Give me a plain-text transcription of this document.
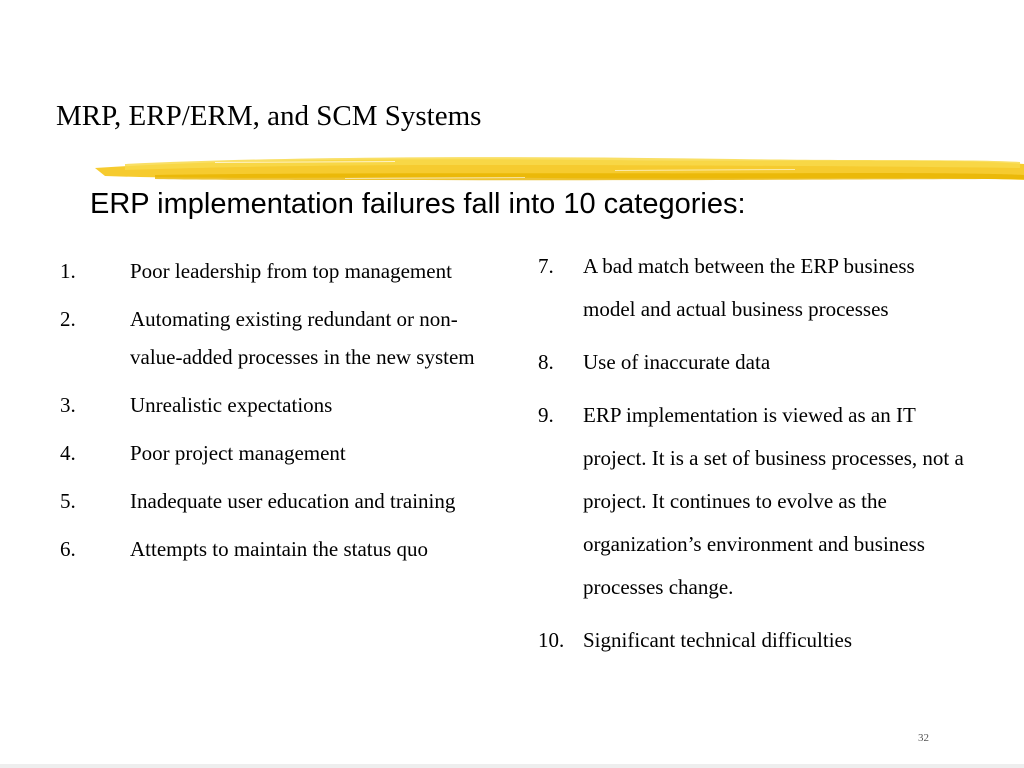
MRP, ERP/ERM, and SCM Systems
ERP implementation failures fall into 10 categories:
1.	Poor leadership from top management
2.	Automating existing redundant or non-value-added processes in the new system
3.	Unrealistic expectations
4.	Poor project management
5.	Inadequate user education and training
6.	Attempts to maintain the status quo
7. A bad match between the ERP business model and actual business processes
8. Use of inaccurate data
9. ERP implementation is viewed as an IT project. It is a set of business processes, not a project. It continues to evolve as the organization’s environment and business processes change.
10. Significant technical difficulties
32
